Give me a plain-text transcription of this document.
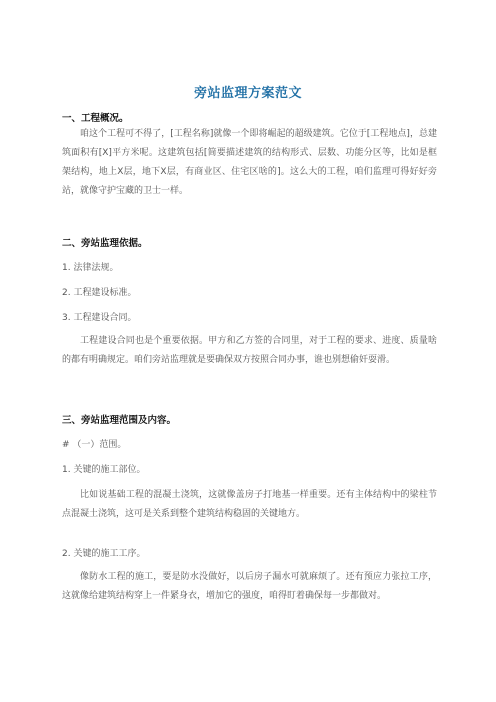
旁站监理方案范文
一、工程概况。
咱这个工程可不得了，[工程名称]就像一个即将崛起的超级建筑。它位于[工程地点]，总建筑面积有[X]平方米呢。这建筑包括[简要描述建筑的结构形式、层数、功能分区等，比如是框架结构，地上X层，地下X层，有商业区、住宅区啥的]。这么大的工程，咱们监理可得好好旁站，就像守护宝藏的卫士一样。
二、旁站监理依据。
1. 法律法规。
2. 工程建设标准。
3. 工程建设合同。
工程建设合同也是个重要依据。甲方和乙方签的合同里，对于工程的要求、进度、质量啥的都有明确规定。咱们旁站监理就是要确保双方按照合同办事，谁也别想偷奸耍滑。
三、旁站监理范围及内容。
# （一）范围。
1. 关键的施工部位。
比如说基础工程的混凝土浇筑，这就像盖房子打地基一样重要。还有主体结构中的梁柱节点混凝土浇筑，这可是关系到整个建筑结构稳固的关键地方。
2. 关键的施工工序。
像防水工程的施工，要是防水没做好，以后房子漏水可就麻烦了。还有预应力张拉工序，这就像给建筑结构穿上一件紧身衣，增加它的强度，咱得盯着确保每一步都做对。
